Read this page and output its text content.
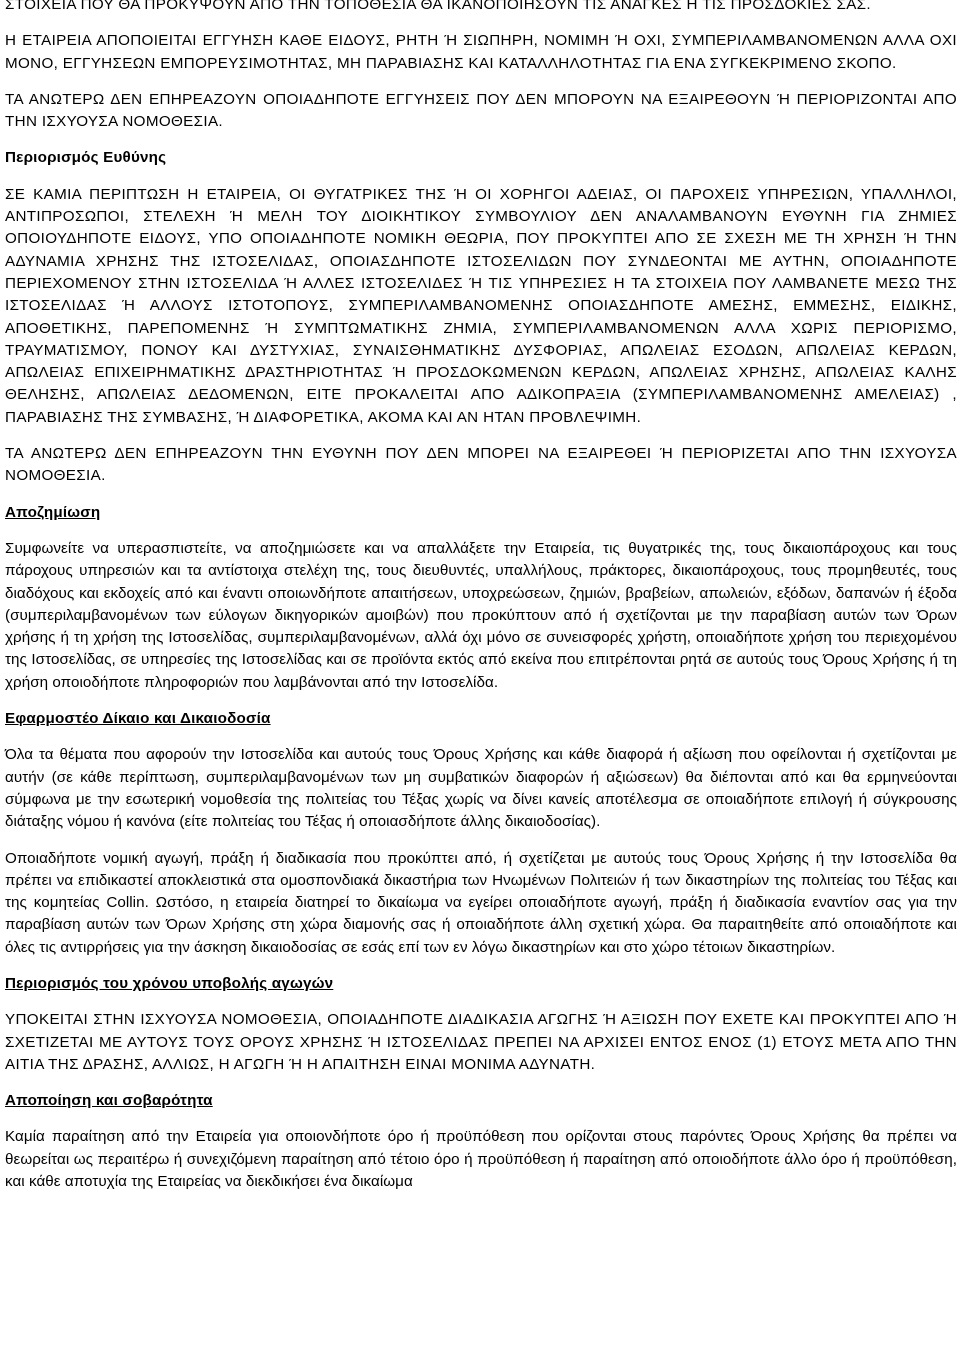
ΣΤΟΙΧΕΙΑ ΠΟΥ ΘΑ ΠΡΟΚΥΨΟΥΝ ΑΠΟ ΤΗΝ ΤΟΠΟΘΕΣΙΑ ΘΑ ΙΚΑΝΟΠΟΙΗΣΟΥΝ ΤΙΣ ΑΝΑΓΚΕΣ Η ΤΙΣ ΠΡΟΣΔΟΚΙΕΣ ΣΑΣ.

Η ΕΤΑΙΡΕΙΑ ΑΠΟΠΟΙΕΙΤΑΙ ΕΓΓΥΗΣΗ ΚΑΘΕ ΕΙΔΟΥΣ, ΡΗΤΗ Ή ΣΙΩΠΗΡΗ, ΝΟΜΙΜΗ Ή ΟΧΙ, ΣΥΜΠΕΡΙΛΑΜΒΑΝΟΜΕΝΩΝ ΑΛΛΑ ΟΧΙ ΜΟΝΟ, ΕΓΓΥΗΣΕΩΝ ΕΜΠΟΡΕΥΣΙΜΟΤΗΤΑΣ, ΜΗ ΠΑΡΑΒΙΑΣΗΣ ΚΑΙ ΚΑΤΑΛΛΗΛΟΤΗΤΑΣ ΓΙΑ ΕΝΑ ΣΥΓΚΕΚΡΙΜΕΝΟ ΣΚΟΠΟ.

ΤΑ ΑΝΩΤΕΡΩ ΔΕΝ ΕΠΗΡΕΑΖΟΥΝ ΟΠΟΙΑΔΗΠΟΤΕ ΕΓΓΥΗΣΕΙΣ ΠΟΥ ΔΕΝ ΜΠΟΡΟΥΝ ΝΑ ΕΞΑΙΡΕΘΟΥΝ Ή ΠΕΡΙΟΡΙΖΟΝΤΑΙ ΑΠΟ ΤΗΝ ΙΣΧΥΟΥΣΑ ΝΟΜΟΘΕΣΙΑ.

Περιορισμός Ευθύνης

ΣΕ ΚΑΜΙΑ ΠΕΡΙΠΤΩΣΗ Η ΕΤΑΙΡΕΙΑ, ΟΙ ΘΥΓΑΤΡΙΚΕΣ ΤΗΣ Ή ΟΙ ΧΟΡΗΓΟΙ ΑΔΕΙΑΣ, ΟΙ ΠΑΡΟΧΕΙΣ ΥΠΗΡΕΣΙΩΝ, ΥΠΑΛΛΗΛΟΙ, ΑΝΤΙΠΡΟΣΩΠΟΙ, ΣΤΕΛΕΧΗ Ή ΜΕΛΗ ΤΟΥ ΔΙΟΙΚΗΤΙΚΟΥ ΣΥΜΒΟΥΛΙΟΥ ΔΕΝ ΑΝΑΛΑΜΒΑΝΟΥΝ ΕΥΘΥΝΗ ΓΙΑ ΖΗΜΙΕΣ ΟΠΟΙΟΥΔΗΠΟΤΕ ΕΙΔΟΥΣ, ΥΠΟ ΟΠΟΙΑΔΗΠΟΤΕ ΝΟΜΙΚΗ ΘΕΩΡΙΑ, ΠΟΥ ΠΡΟΚΥΠΤΕΙ ΑΠΟ ΣΕ ΣΧΕΣΗ ΜΕ ΤΗ ΧΡΗΣΗ Ή ΤΗΝ ΑΔΥΝΑΜΙΑ ΧΡΗΣΗΣ ΤΗΣ ΙΣΤΟΣΕΛΙΔΑΣ, ΟΠΟΙΑΣΔΗΠΟΤΕ ΙΣΤΟΣΕΛΙΔΩΝ ΠΟΥ ΣΥΝΔΕΟΝΤΑΙ ΜΕ ΑΥΤΗΝ, ΟΠΟΙΑΔΗΠΟΤΕ ΠΕΡΙΕΧΟΜΕΝΟΥ ΣΤΗΝ ΙΣΤΟΣΕΛΙΔΑ Ή ΑΛΛΕΣ ΙΣΤΟΣΕΛΙΔΕΣ Ή ΤΙΣ ΥΠΗΡΕΣΙΕΣ Η ΤΑ ΣΤΟΙΧΕΙΑ ΠΟΥ ΛΑΜΒΑΝΕΤΕ ΜΕΣΩ ΤΗΣ ΙΣΤΟΣΕΛΙΔΑΣ Ή ΑΛΛΟΥΣ ΙΣΤΟΤΟΠΟΥΣ, ΣΥΜΠΕΡΙΛΑΜΒΑΝΟΜΕΝΗΣ ΟΠΟΙΑΣΔΗΠΟΤΕ ΑΜΕΣΗΣ, ΕΜΜΕΣΗΣ, ΕΙΔΙΚΗΣ, ΑΠΟΘΕΤΙΚΗΣ, ΠΑΡΕΠΟΜΕΝΗΣ Ή ΣΥΜΠΤΩΜΑΤΙΚΗΣ ΖΗΜΙΑ, ΣΥΜΠΕΡΙΛΑΜΒΑΝΟΜΕΝΩΝ ΑΛΛΑ ΧΩΡΙΣ ΠΕΡΙΟΡΙΣΜΟ, ΤΡΑΥΜΑΤΙΣΜΟΥ, ΠΟΝΟΥ ΚΑΙ ΔΥΣΤΥΧΙΑΣ, ΣΥΝΑΙΣΘΗΜΑΤΙΚΗΣ ΔΥΣΦΟΡΙΑΣ, ΑΠΩΛΕΙΑΣ ΕΣΟΔΩΝ, ΑΠΩΛΕΙΑΣ ΚΕΡΔΩΝ, ΑΠΩΛΕΙΑΣ ΕΠΙΧΕΙΡΗΜΑΤΙΚΗΣ ΔΡΑΣΤΗΡΙΟΤΗΤΑΣ Ή ΠΡΟΣΔΟΚΩΜΕΝΩΝ ΚΕΡΔΩΝ, ΑΠΩΛΕΙΑΣ ΧΡΗΣΗΣ, ΑΠΩΛΕΙΑΣ ΚΑΛΗΣ ΘΕΛΗΣΗΣ, ΑΠΩΛΕΙΑΣ ΔΕΔΟΜΕΝΩΝ, ΕΙΤΕ ΠΡΟΚΑΛΕΙΤΑΙ ΑΠΟ ΑΔΙΚΟΠΡΑΞΙΑ (ΣΥΜΠΕΡΙΛΑΜΒΑΝΟΜΕΝΗΣ ΑΜΕΛΕΙΑΣ) , ΠΑΡΑΒΙΑΣΗΣ ΤΗΣ ΣΥΜΒΑΣΗΣ, Ή ΔΙΑΦΟΡΕΤΙΚΑ, ΑΚΟΜΑ ΚΑΙ ΑΝ ΗΤΑΝ ΠΡΟΒΛΕΨΙΜΗ.

ΤΑ ΑΝΩΤΕΡΩ ΔΕΝ ΕΠΗΡΕΑΖΟΥΝ ΤΗΝ ΕΥΘΥΝΗ ΠΟΥ ΔΕΝ ΜΠΟΡΕΙ ΝΑ ΕΞΑΙΡΕΘΕΙ Ή ΠΕΡΙΟΡΙΖΕΤΑΙ ΑΠΟ ΤΗΝ ΙΣΧΥΟΥΣΑ ΝΟΜΟΘΕΣΙΑ.

Αποζημίωση

Συμφωνείτε να υπερασπιστείτε, να αποζημιώσετε και να απαλλάξετε την Εταιρεία, τις θυγατρικές της, τους δικαιοπάροχους και τους πάροχους υπηρεσιών και τα αντίστοιχα στελέχη της, τους διευθυντές, υπαλλήλους, πράκτορες, δικαιοπάροχους, τους προμηθευτές, τους διαδόχους και εκδοχείς από και έναντι οποιωνδήποτε απαιτήσεων, υποχρεώσεων, ζημιών, βραβείων, απωλειών, εξόδων, δαπανών ή έξοδα (συμπεριλαμβανομένων των εύλογων δικηγορικών αμοιβών) που προκύπτουν από ή σχετίζονται με την παραβίαση αυτών των Όρων χρήσης ή τη χρήση της Ιστοσελίδας, συμπεριλαμβανομένων, αλλά όχι μόνο σε συνεισφορές χρήστη, οποιαδήποτε χρήση του περιεχομένου της Ιστοσελίδας, σε υπηρεσίες της Ιστοσελίδας και σε προϊόντα εκτός από εκείνα που επιτρέπονται ρητά σε αυτούς τους Όρους Χρήσης ή τη χρήση οποιοδήποτε πληροφοριών που λαμβάνονται από την Ιστοσελίδα.

Εφαρμοστέο Δίκαιο και Δικαιοδοσία

Όλα τα θέματα που αφορούν την Ιστοσελίδα και αυτούς τους Όρους Χρήσης και κάθε διαφορά ή αξίωση που οφείλονται ή σχετίζονται με αυτήν (σε κάθε περίπτωση, συμπεριλαμβανομένων των μη συμβατικών διαφορών ή αξιώσεων) θα διέπονται από και θα ερμηνεύονται σύμφωνα με την εσωτερική νομοθεσία της πολιτείας του Τέξας χωρίς να δίνει κανείς αποτέλεσμα σε οποιαδήποτε επιλογή ή σύγκρουσης διάταξης νόμου ή κανόνα (είτε πολιτείας του Τέξας ή οποιασδήποτε άλλης δικαιοδοσίας).

Οποιαδήποτε νομική αγωγή, πράξη ή διαδικασία που προκύπτει από, ή σχετίζεται με αυτούς τους Όρους Χρήσης ή την Ιστοσελίδα θα πρέπει να επιδικαστεί αποκλειστικά στα ομοσπονδιακά δικαστήρια των Ηνωμένων Πολιτειών ή των δικαστηρίων της πολιτείας του Τέξας και της κομητείας Collin. Ωστόσο, η εταιρεία διατηρεί το δικαίωμα να εγείρει οποιαδήποτε αγωγή, πράξη ή διαδικασία εναντίον σας για την παραβίαση αυτών των Όρων Χρήσης στη χώρα διαμονής σας ή οποιαδήποτε άλλη σχετική χώρα. Θα παραιτηθείτε από οποιαδήποτε και όλες τις αντιρρήσεις για την άσκηση δικαιοδοσίας σε εσάς επί των εν λόγω δικαστηρίων και στο χώρο τέτοιων δικαστηρίων.

Περιορισμός του χρόνου υποβολής αγωγών

ΥΠΟΚΕΙΤΑΙ ΣΤΗΝ ΙΣΧΥΟΥΣΑ ΝΟΜΟΘΕΣΙΑ, ΟΠΟΙΑΔΗΠΟΤΕ ΔΙΑΔΙΚΑΣΙΑ ΑΓΩΓΗΣ Ή ΑΞΙΩΣΗ ΠΟΥ ΕΧΕΤΕ ΚΑΙ ΠΡΟΚΥΠΤΕΙ ΑΠΟ Ή ΣΧΕΤΙΖΕΤΑΙ ΜΕ ΑΥΤΟΥΣ ΤΟΥΣ ΟΡΟΥΣ ΧΡΗΣΗΣ Ή ΙΣΤΟΣΕΛΙΔΑΣ ΠΡΕΠΕΙ ΝΑ ΑΡΧΙΣΕΙ ΕΝΤΟΣ ΕΝΟΣ (1) ΕΤΟΥΣ ΜΕΤΑ ΑΠΟ ΤΗΝ ΑΙΤΙΑ ΤΗΣ ΔΡΑΣΗΣ, ΑΛΛΙΩΣ, Η ΑΓΩΓΗ Ή Η ΑΠΑΙΤΗΣΗ ΕΙΝΑΙ ΜΟΝΙΜΑ ΑΔΥΝΑΤΗ.

Αποποίηση και σοβαρότητα

Καμία παραίτηση από την Εταιρεία για οποιονδήποτε όρο ή προϋπόθεση που ορίζονται στους παρόντες Όρους Χρήσης θα πρέπει να θεωρείται ως περαιτέρω ή συνεχιζόμενη παραίτηση από τέτοιο όρο ή προϋπόθεση ή παραίτηση από οποιοδήποτε άλλο όρο ή προϋπόθεση, και κάθε αποτυχία της Εταιρείας να διεκδικήσει ένα δικαίωμα
